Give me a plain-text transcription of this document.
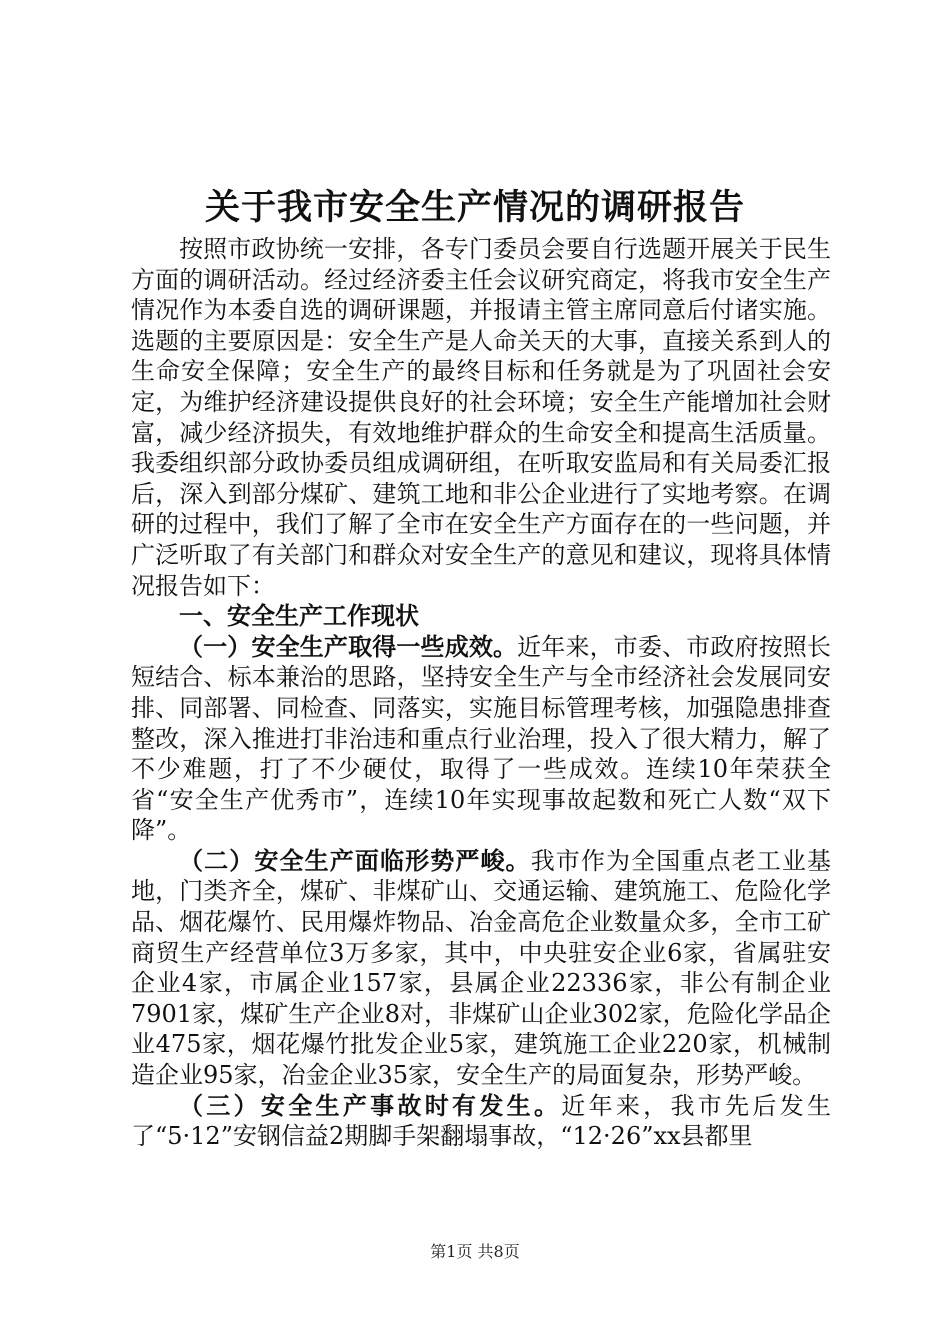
关于我市安全生产情况的调研报告

按照市政协统一安排，各专门委员会要自行选题开展关于民生方面的调研活动。经过经济委主任会议研究商定，将我市安全生产情况作为本委自选的调研课题，并报请主管主席同意后付诸实施。选题的主要原因是：安全生产是人命关天的大事，直接关系到人的生命安全保障；安全生产的最终目标和任务就是为了巩固社会安定，为维护经济建设提供良好的社会环境；安全生产能增加社会财富，减少经济损失，有效地维护群众的生命安全和提高生活质量。我委组织部分政协委员组成调研组，在听取安监局和有关局委汇报后，深入到部分煤矿、建筑工地和非公企业进行了实地考察。在调研的过程中，我们了解了全市在安全生产方面存在的一些问题，并广泛听取了有关部门和群众对安全生产的意见和建议，现将具体情况报告如下：

一、安全生产工作现状

（一）安全生产取得一些成效。近年来，市委、市政府按照长短结合、标本兼治的思路，坚持安全生产与全市经济社会发展同安排、同部署、同检查、同落实，实施目标管理考核，加强隐患排查整改，深入推进打非治违和重点行业治理，投入了很大精力，解了不少难题，打了不少硬仗，取得了一些成效。连续10年荣获全省“安全生产优秀市”，连续10年实现事故起数和死亡人数“双下降”。

（二）安全生产面临形势严峻。我市作为全国重点老工业基地，门类齐全，煤矿、非煤矿山、交通运输、建筑施工、危险化学品、烟花爆竹、民用爆炸物品、冶金高危企业数量众多，全市工矿商贸生产经营单位3万多家，其中，中央驻安企业6家，省属驻安企业4家，市属企业157家，县属企业22336家，非公有制企业7901家，煤矿生产企业8对，非煤矿山企业302家，危险化学品企业475家，烟花爆竹批发企业5家，建筑施工企业220家，机械制造企业95家，冶金企业35家，安全生产的局面复杂，形势严峻。

（三）安全生产事故时有发生。近年来，我市先后发生了“5·12”安钢信益2期脚手架翻塌事故，“12·26”xx县都里

第1页 共8页
